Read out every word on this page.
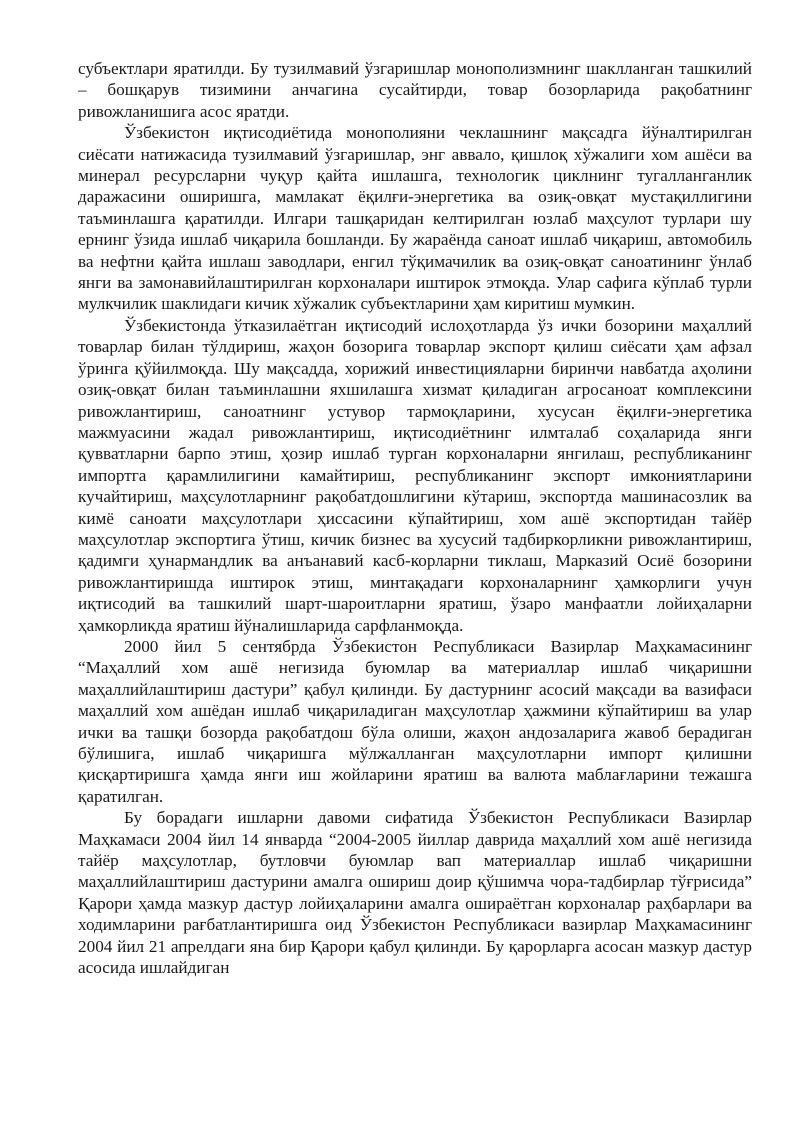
субъектлари яратилди. Бу тузилмавий ўзгаришлар монополизмнинг шаклланган ташкилий – бошқарув тизимини анчагина сусайтирди, товар бозорларида рақобатнинг ривожланишига асос яратди.

Ўзбекистон иқтисодиётида монополияни чеклашнинг мақсадга йўналтирилган сиёсати натижасида тузилмавий ўзгаришлар, энг аввало, қишлоқ хўжалиги хом ашёси ва минерал ресурсларни чуқур қайта ишлашга, технологик циклнинг тугалланганлик даражасини оширишга, мамлакат ёқилғи-энергетика ва озиқ-овқат мустақиллигини таъминлашга қаратилди. Илгари ташқаридан келтирилган юзлаб маҳсулот турлари шу ернинг ўзида ишлаб чиқарила бошланди. Бу жараёнда саноат ишлаб чиқариш, автомобиль ва нефтни қайта ишлаш заводлари, енгил тўқимачилик ва озиқ-овқат саноатининг ўнлаб янги ва замонавийлаштирилган корхоналари иштирок этмоқда. Улар сафига кўплаб турли мулкчилик шаклидаги кичик хўжалик субъектларини ҳам киритиш мумкин.

Ўзбекистонда ўтказилаётган иқтисодий ислоҳотларда ўз ички бозорини маҳаллий товарлар билан тўлдириш, жаҳон бозорига товарлар экспорт қилиш сиёсати ҳам афзал ўринга қўйилмоқда. Шу мақсадда, хорижий инвестицияларни биринчи навбатда аҳолини озиқ-овқат билан таъминлашни яхшилашга хизмат қиладиган агросаноат комплексини ривожлантириш, саноатнинг устувор тармоқларини, хусусан ёқилғи-энергетика мажмуасини жадал ривожлантириш, иқтисодиётнинг илмталаб соҳаларида янги қувватларни барпо этиш, ҳозир ишлаб турган корхоналарни янгилаш, республиканинг импортга қарамлилигини камайтириш, республиканинг экспорт имкониятларини кучайтириш, маҳсулотларнинг рақобатдошлигини кўтариш, экспортда машинасозлик ва кимё саноати маҳсулотлари ҳиссасини кўпайтириш, хом ашё экспортидан тайёр маҳсулотлар экспортига ўтиш, кичик бизнес ва хусусий тадбиркорликни ривожлантириш, қадимги ҳунармандлик ва анъанавий касб-корларни тиклаш, Марказий Осиё бозорини ривожлантиришда иштирок этиш, минтақадаги корхоналарнинг ҳамкорлиги учун иқтисодий ва ташкилий шарт-шароитларни яратиш, ўзаро манфаатли лойиҳаларни ҳамкорликда яратиш йўналишларида сарфланмоқда.

2000 йил 5 сентябрда Ўзбекистон Республикаси Вазирлар Маҳкамасининг “Маҳаллий хом ашё негизида буюмлар ва материаллар ишлаб чиқаришни маҳаллийлаштириш дастури” қабул қилинди. Бу дастурнинг асосий мақсади ва вазифаси маҳаллий хом ашёдан ишлаб чиқариладиган маҳсулотлар ҳажмини кўпайтириш ва улар ички ва ташқи бозорда рақобатдош бўла олиши, жаҳон андозаларига жавоб берадиган бўлишига, ишлаб чиқаришга мўлжалланган маҳсулотларни импорт қилишни қисқартиришга ҳамда янги иш жойларини яратиш ва валюта маблағларини тежашга қаратилган.

Бу борадаги ишларни давоми сифатида Ўзбекистон Республикаси Вазирлар Маҳкамаси 2004 йил 14 январда “2004-2005 йиллар даврида маҳаллий хом ашё негизида тайёр маҳсулотлар, бутловчи буюмлар вап материаллар ишлаб чиқаришни маҳаллийлаштириш дастурини амалга ошириш доир қўшимча чора-тадбирлар тўғрисида” Қарори ҳамда мазкур дастур лойиҳаларини амалга ошираётган корхоналар раҳбарлари ва ходимларини рағбатлантиришга оид Ўзбекистон Республикаси вазирлар Маҳкамасининг 2004 йил 21 апрелдаги яна бир Қарори қабул қилинди. Бу қарорларга асосан мазкур дастур асосида ишлайдиган
